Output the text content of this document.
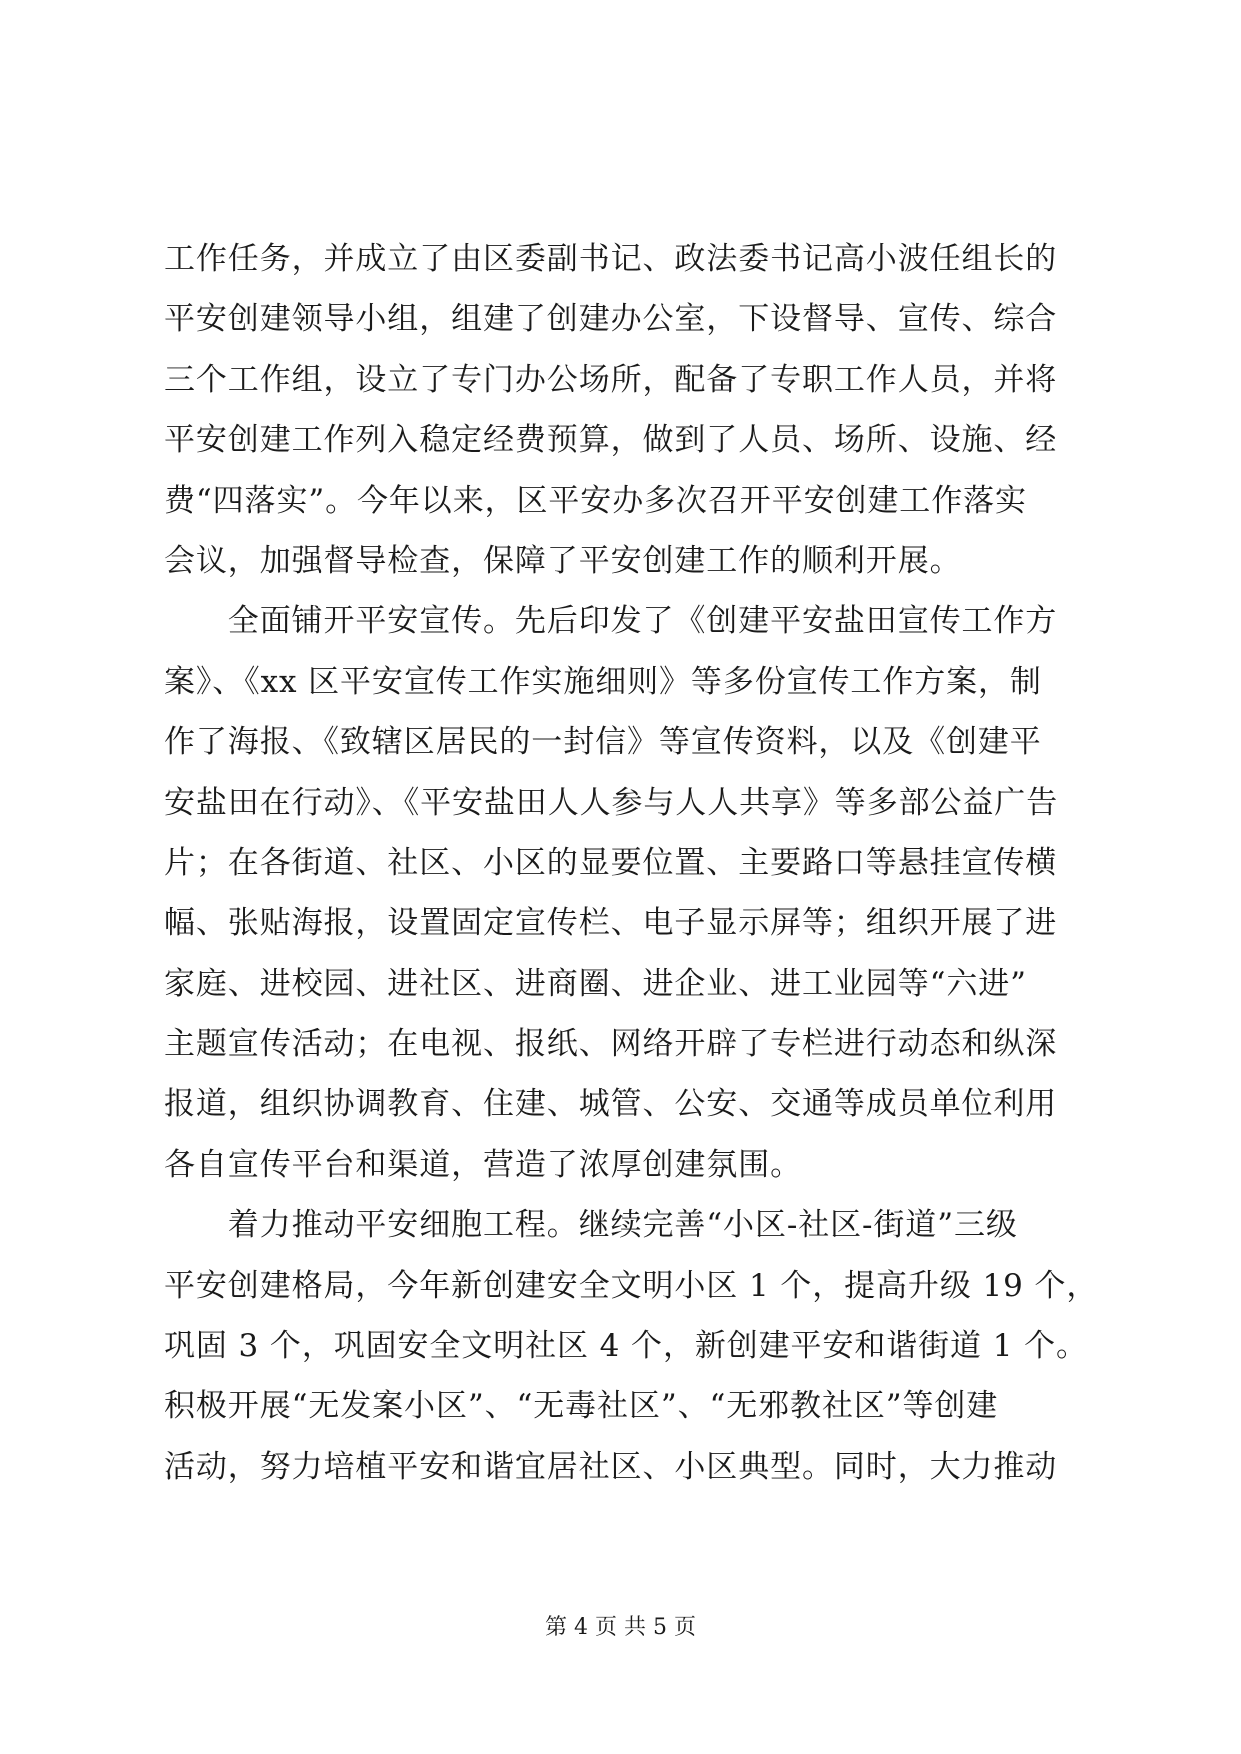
工作任务，并成立了由区委副书记、政法委书记高小波任组长的
平安创建领导小组，组建了创建办公室，下设督导、宣传、综合
三个工作组，设立了专门办公场所，配备了专职工作人员，并将
平安创建工作列入稳定经费预算，做到了人员、场所、设施、经
费“四落实”。今年以来，区平安办多次召开平安创建工作落实
会议，加强督导检查，保障了平安创建工作的顺利开展。
　　全面铺开平安宣传。先后印发了《创建平安盐田宣传工作方
案》、《xx 区平安宣传工作实施细则》等多份宣传工作方案，制
作了海报、《致辖区居民的一封信》等宣传资料，以及《创建平
安盐田在行动》、《平安盐田人人参与人人共享》等多部公益广告
片；在各街道、社区、小区的显要位置、主要路口等悬挂宣传横
幅、张贴海报，设置固定宣传栏、电子显示屏等；组织开展了进
家庭、进校园、进社区、进商圈、进企业、进工业园等“六进”
主题宣传活动；在电视、报纸、网络开辟了专栏进行动态和纵深
报道，组织协调教育、住建、城管、公安、交通等成员单位利用
各自宣传平台和渠道，营造了浓厚创建氛围。
　　着力推动平安细胞工程。继续完善“小区-社区-街道”三级
平安创建格局，今年新创建安全文明小区 1 个，提高升级 19 个，
巩固 3 个，巩固安全文明社区 4 个，新创建平安和谐街道 1 个。
积极开展“无发案小区”、“无毒社区”、“无邪教社区”等创建
活动，努力培植平安和谐宜居社区、小区典型。同时，大力推动
第 4 页 共 5 页
